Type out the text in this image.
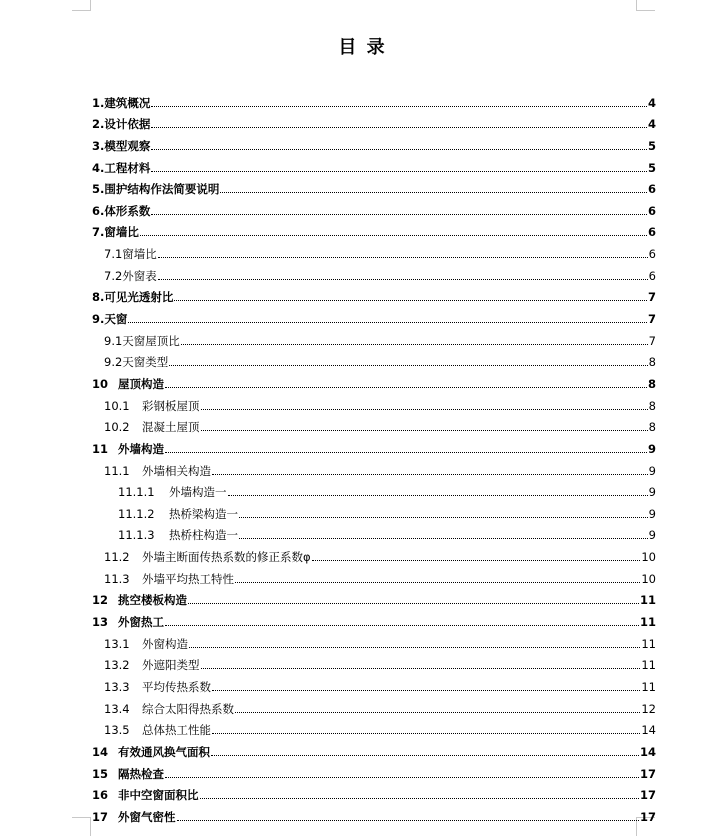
目 录
1. 建筑概况	4
2. 设计依据	4
3. 模型观察	5
4. 工程材料	5
5. 围护结构作法简要说明	6
6. 体形系数	6
7. 窗墙比	6
7.1 窗墙比	6
7.2 外窗表	6
8. 可见光透射比	7
9. 天窗	7
9.1 天窗屋顶比	7
9.2 天窗类型	8
10 屋顶构造	8
10.1	彩钢板屋顶	8
10.2	混凝土屋顶	8
11 外墙构造	9
11.1	外墙相关构造	9
11.1.1	外墙构造一	9
11.1.2	热桥梁构造一	9
11.1.3	热桥柱构造一	9
11.2	外墙主断面传热系数的修正系数φ	10
11.3	外墙平均热工特性	10
12 挑空楼板构造	11
13 外窗热工	11
13.1	外窗构造	11
13.2	外遮阳类型	11
13.3	平均传热系数	11
13.4	综合太阳得热系数	12
13.5	总体热工性能	14
14 有效通风换气面积	14
15 隔热检查	17
16 非中空窗面积比	17
17 外窗气密性	17
